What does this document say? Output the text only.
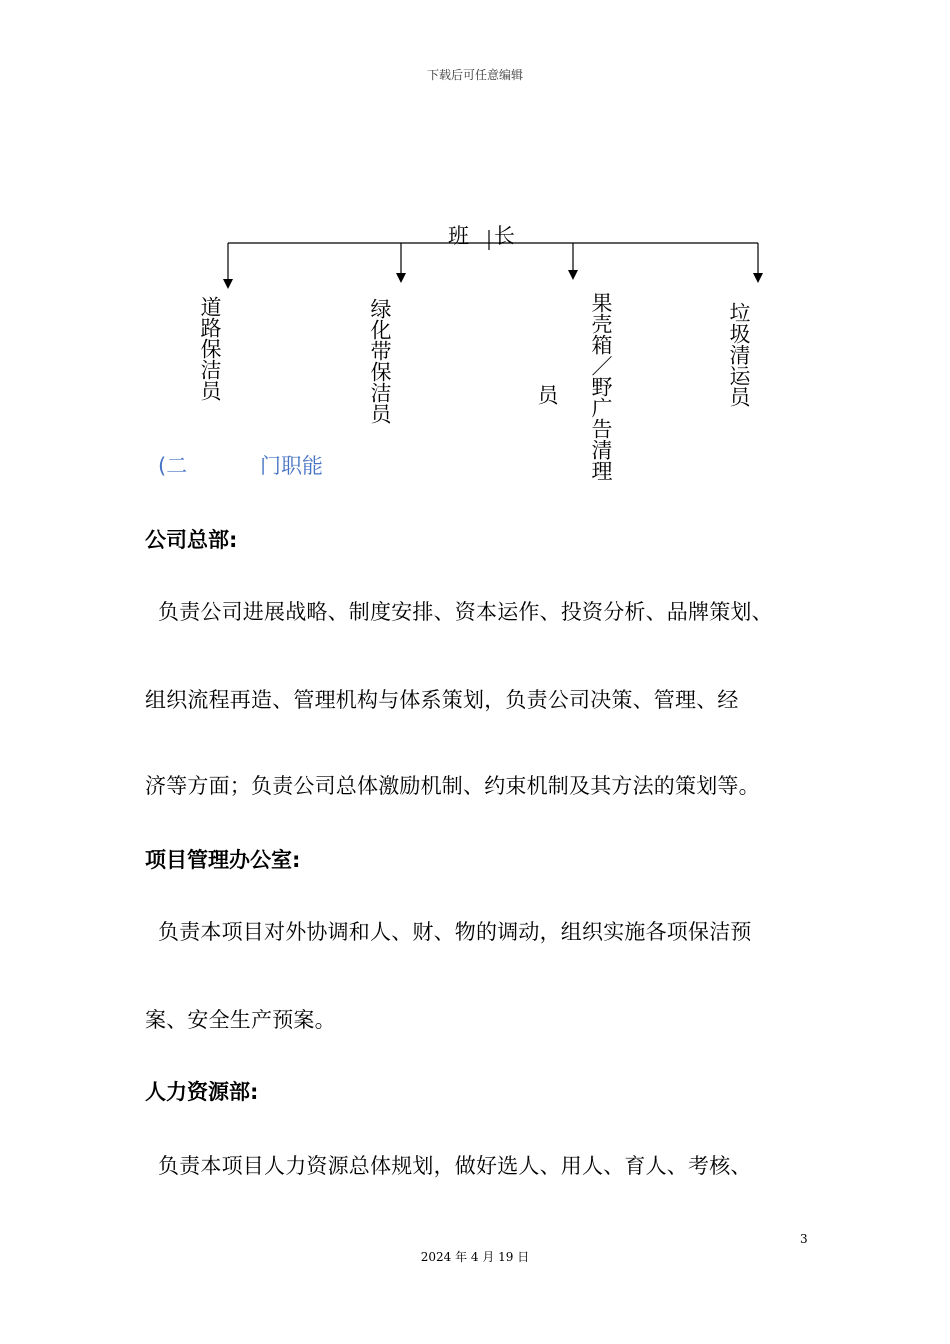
下载后可任意编辑
班　长
道路保洁员	绿化带保洁员	员 果壳箱／野广告清理	垃圾清运员
(二	门职能
公司总部:
负责公司进展战略、制度安排、资本运作、投资分析、品牌策划、
组织流程再造、管理机构与体系策划，负责公司决策、管理、经
济等方面；负责公司总体激励机制、约束机制及其方法的策划等。
项目管理办公室:
负责本项目对外协调和人、财、物的调动，组织实施各项保洁预
案、安全生产预案。
人力资源部:
负责本项目人力资源总体规划，做好选人、用人、育人、考核、
3
2024 年 4 月 19 日
